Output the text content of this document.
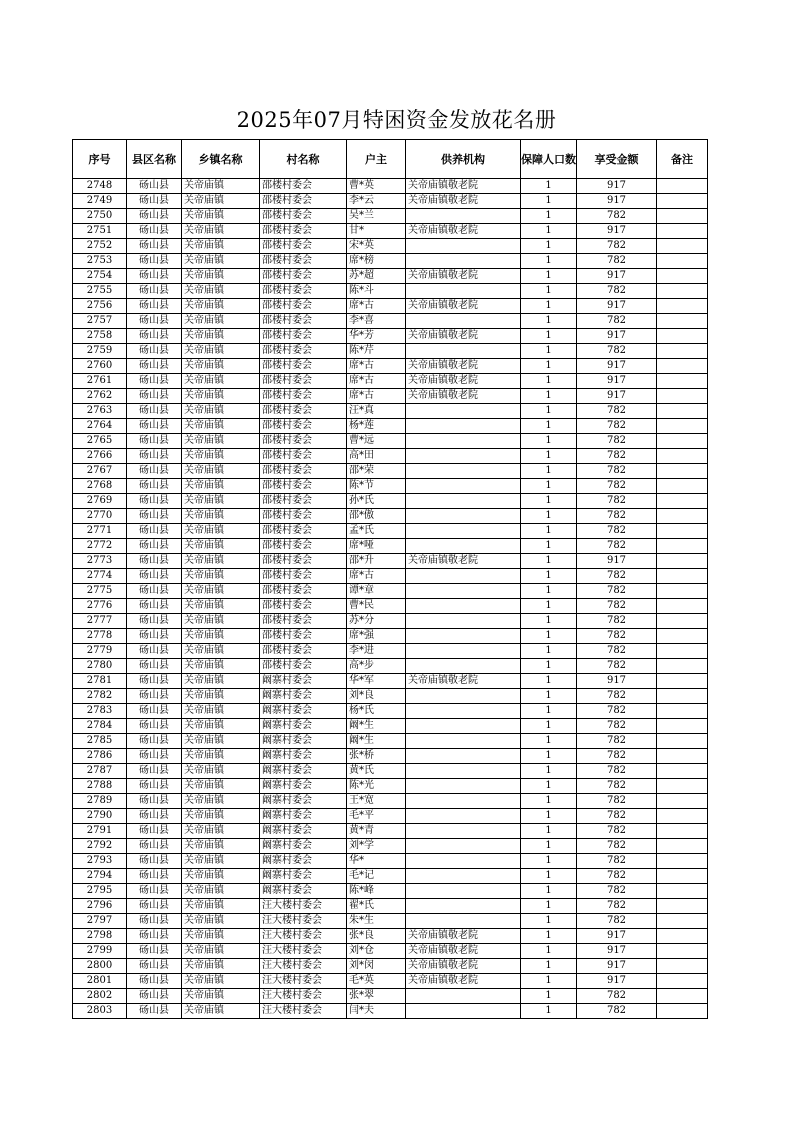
2025年07月特困资金发放花名册
序号	县区名称	乡镇名称	村名称	户主	供养机构	保障人口数	享受金额	备注
2748	砀山县	关帝庙镇	邵楼村委会	曹*英	关帝庙镇敬老院	1	917	
2749	砀山县	关帝庙镇	邵楼村委会	李*云	关帝庙镇敬老院	1	917	
2750	砀山县	关帝庙镇	邵楼村委会	吴*兰		1	782	
2751	砀山县	关帝庙镇	邵楼村委会	甘*	关帝庙镇敬老院	1	917	
2752	砀山县	关帝庙镇	邵楼村委会	宋*英		1	782	
2753	砀山县	关帝庙镇	邵楼村委会	席*榜		1	782	
2754	砀山县	关帝庙镇	邵楼村委会	苏*超	关帝庙镇敬老院	1	917	
2755	砀山县	关帝庙镇	邵楼村委会	陈*斗		1	782	
2756	砀山县	关帝庙镇	邵楼村委会	席*古	关帝庙镇敬老院	1	917	
2757	砀山县	关帝庙镇	邵楼村委会	李*喜		1	782	
2758	砀山县	关帝庙镇	邵楼村委会	华*芳	关帝庙镇敬老院	1	917	
2759	砀山县	关帝庙镇	邵楼村委会	陈*芹		1	782	
2760	砀山县	关帝庙镇	邵楼村委会	席*古	关帝庙镇敬老院	1	917	
2761	砀山县	关帝庙镇	邵楼村委会	席*古	关帝庙镇敬老院	1	917	
2762	砀山县	关帝庙镇	邵楼村委会	席*古	关帝庙镇敬老院	1	917	
2763	砀山县	关帝庙镇	邵楼村委会	汪*真		1	782	
2764	砀山县	关帝庙镇	邵楼村委会	杨*莲		1	782	
2765	砀山县	关帝庙镇	邵楼村委会	曹*远		1	782	
2766	砀山县	关帝庙镇	邵楼村委会	高*田		1	782	
2767	砀山县	关帝庙镇	邵楼村委会	邵*荣		1	782	
2768	砀山县	关帝庙镇	邵楼村委会	陈*节		1	782	
2769	砀山县	关帝庙镇	邵楼村委会	孙*氏		1	782	
2770	砀山县	关帝庙镇	邵楼村委会	邵*傲		1	782	
2771	砀山县	关帝庙镇	邵楼村委会	孟*氏		1	782	
2772	砀山县	关帝庙镇	邵楼村委会	席*哑		1	782	
2773	砀山县	关帝庙镇	邵楼村委会	邵*升	关帝庙镇敬老院	1	917	
2774	砀山县	关帝庙镇	邵楼村委会	席*古		1	782	
2775	砀山县	关帝庙镇	邵楼村委会	谭*章		1	782	
2776	砀山县	关帝庙镇	邵楼村委会	曹*民		1	782	
2777	砀山县	关帝庙镇	邵楼村委会	苏*分		1	782	
2778	砀山县	关帝庙镇	邵楼村委会	席*强		1	782	
2779	砀山县	关帝庙镇	邵楼村委会	李*进		1	782	
2780	砀山县	关帝庙镇	邵楼村委会	高*步		1	782	
2781	砀山县	关帝庙镇	阚寨村委会	华*军	关帝庙镇敬老院	1	917	
2782	砀山县	关帝庙镇	阚寨村委会	刘*良		1	782	
2783	砀山县	关帝庙镇	阚寨村委会	杨*氏		1	782	
2784	砀山县	关帝庙镇	阚寨村委会	阚*生		1	782	
2785	砀山县	关帝庙镇	阚寨村委会	阚*生		1	782	
2786	砀山县	关帝庙镇	阚寨村委会	张*桥		1	782	
2787	砀山县	关帝庙镇	阚寨村委会	黄*氏		1	782	
2788	砀山县	关帝庙镇	阚寨村委会	陈*光		1	782	
2789	砀山县	关帝庙镇	阚寨村委会	王*宽		1	782	
2790	砀山县	关帝庙镇	阚寨村委会	毛*平		1	782	
2791	砀山县	关帝庙镇	阚寨村委会	黄*青		1	782	
2792	砀山县	关帝庙镇	阚寨村委会	刘*学		1	782	
2793	砀山县	关帝庙镇	阚寨村委会	华*		1	782	
2794	砀山县	关帝庙镇	阚寨村委会	毛*记		1	782	
2795	砀山县	关帝庙镇	阚寨村委会	陈*峰		1	782	
2796	砀山县	关帝庙镇	汪大楼村委会	翟*氏		1	782	
2797	砀山县	关帝庙镇	汪大楼村委会	朱*生		1	782	
2798	砀山县	关帝庙镇	汪大楼村委会	张*良	关帝庙镇敬老院	1	917	
2799	砀山县	关帝庙镇	汪大楼村委会	刘*仓	关帝庙镇敬老院	1	917	
2800	砀山县	关帝庙镇	汪大楼村委会	刘*闵	关帝庙镇敬老院	1	917	
2801	砀山县	关帝庙镇	汪大楼村委会	毛*英	关帝庙镇敬老院	1	917	
2802	砀山县	关帝庙镇	汪大楼村委会	张*翠		1	782	
2803	砀山县	关帝庙镇	汪大楼村委会	闫*夫		1	782	
